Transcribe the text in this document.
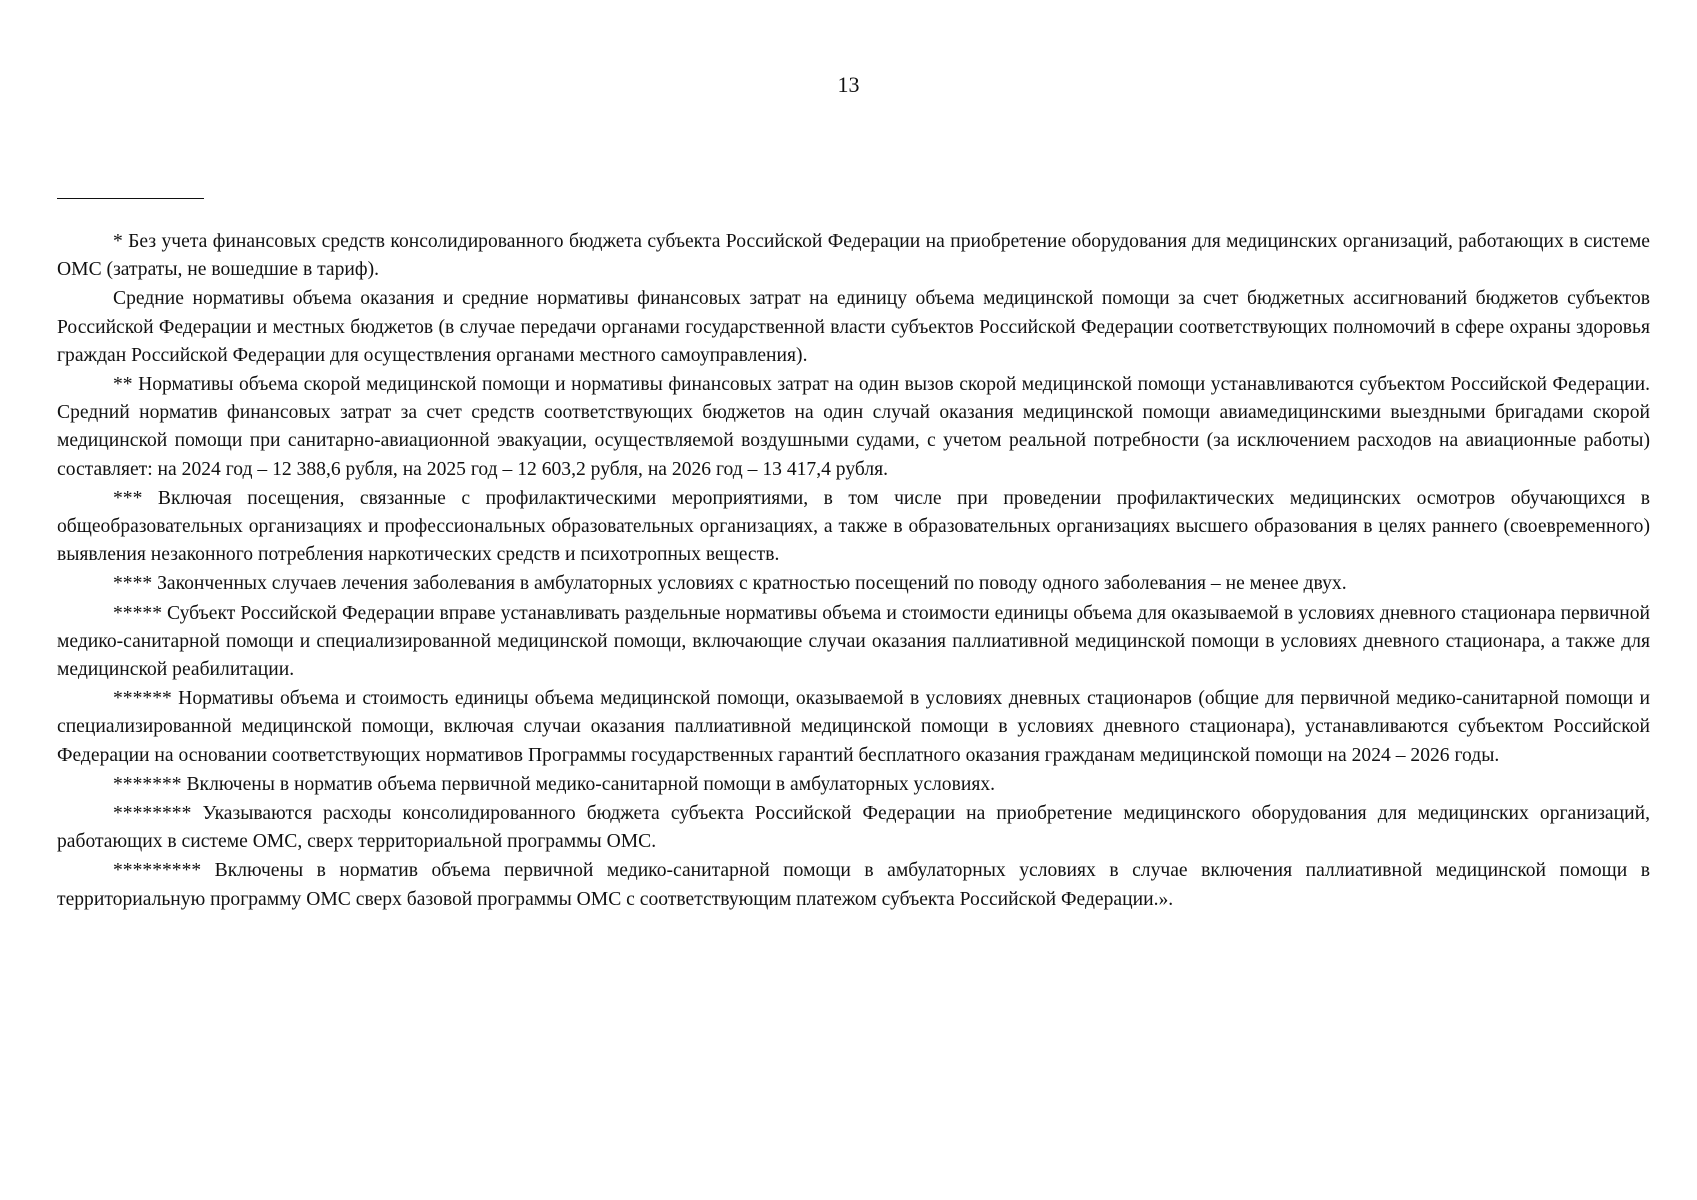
13

* Без учета финансовых средств консолидированного бюджета субъекта Российской Федерации на приобретение оборудования для медицинских организаций, работающих в системе ОМС (затраты, не вошедшие в тариф).

Средние нормативы объема оказания и средние нормативы финансовых затрат на единицу объема медицинской помощи за счет бюджетных ассигнований бюджетов субъектов Российской Федерации и местных бюджетов (в случае передачи органами государственной власти субъектов Российской Федерации соответствующих полномочий в сфере охраны здоровья граждан Российской Федерации для осуществления органами местного самоуправления).

** Нормативы объема скорой медицинской помощи и нормативы финансовых затрат на один вызов скорой медицинской помощи устанавливаются субъектом Российской Федерации. Средний норматив финансовых затрат за счет средств соответствующих бюджетов на один случай оказания медицинской помощи авиамедицинскими выездными бригадами скорой медицинской помощи при санитарно-авиационной эвакуации, осуществляемой воздушными судами, с учетом реальной потребности (за исключением расходов на авиационные работы) составляет: на 2024 год – 12 388,6 рубля, на 2025 год – 12 603,2 рубля, на 2026 год – 13 417,4 рубля.

*** Включая посещения, связанные с профилактическими мероприятиями, в том числе при проведении профилактических медицинских осмотров обучающихся в общеобразовательных организациях и профессиональных образовательных организациях, а также в образовательных организациях высшего образования в целях раннего (своевременного) выявления незаконного потребления наркотических средств и психотропных веществ.

**** Законченных случаев лечения заболевания в амбулаторных условиях с кратностью посещений по поводу одного заболевания – не менее двух.

***** Субъект Российской Федерации вправе устанавливать раздельные нормативы объема и стоимости единицы объема для оказываемой в условиях дневного стационара первичной медико-санитарной помощи и специализированной медицинской помощи, включающие случаи оказания паллиативной медицинской помощи в условиях дневного стационара, а также для медицинской реабилитации.

****** Нормативы объема и стоимость единицы объема медицинской помощи, оказываемой в условиях дневных стационаров (общие для первичной медико-санитарной помощи и специализированной медицинской помощи, включая случаи оказания паллиативной медицинской помощи в условиях дневного стационара), устанавливаются субъектом Российской Федерации на основании соответствующих нормативов Программы государственных гарантий бесплатного оказания гражданам медицинской помощи на 2024 – 2026 годы.

******* Включены в норматив объема первичной медико-санитарной помощи в амбулаторных условиях.

******** Указываются расходы консолидированного бюджета субъекта Российской Федерации на приобретение медицинского оборудования для медицинских организаций, работающих в системе ОМС, сверх территориальной программы ОМС.

********* Включены в норматив объема первичной медико-санитарной помощи в амбулаторных условиях в случае включения паллиативной медицинской помощи в территориальную программу ОМС сверх базовой программы ОМС с соответствующим платежом субъекта Российской Федерации.».
